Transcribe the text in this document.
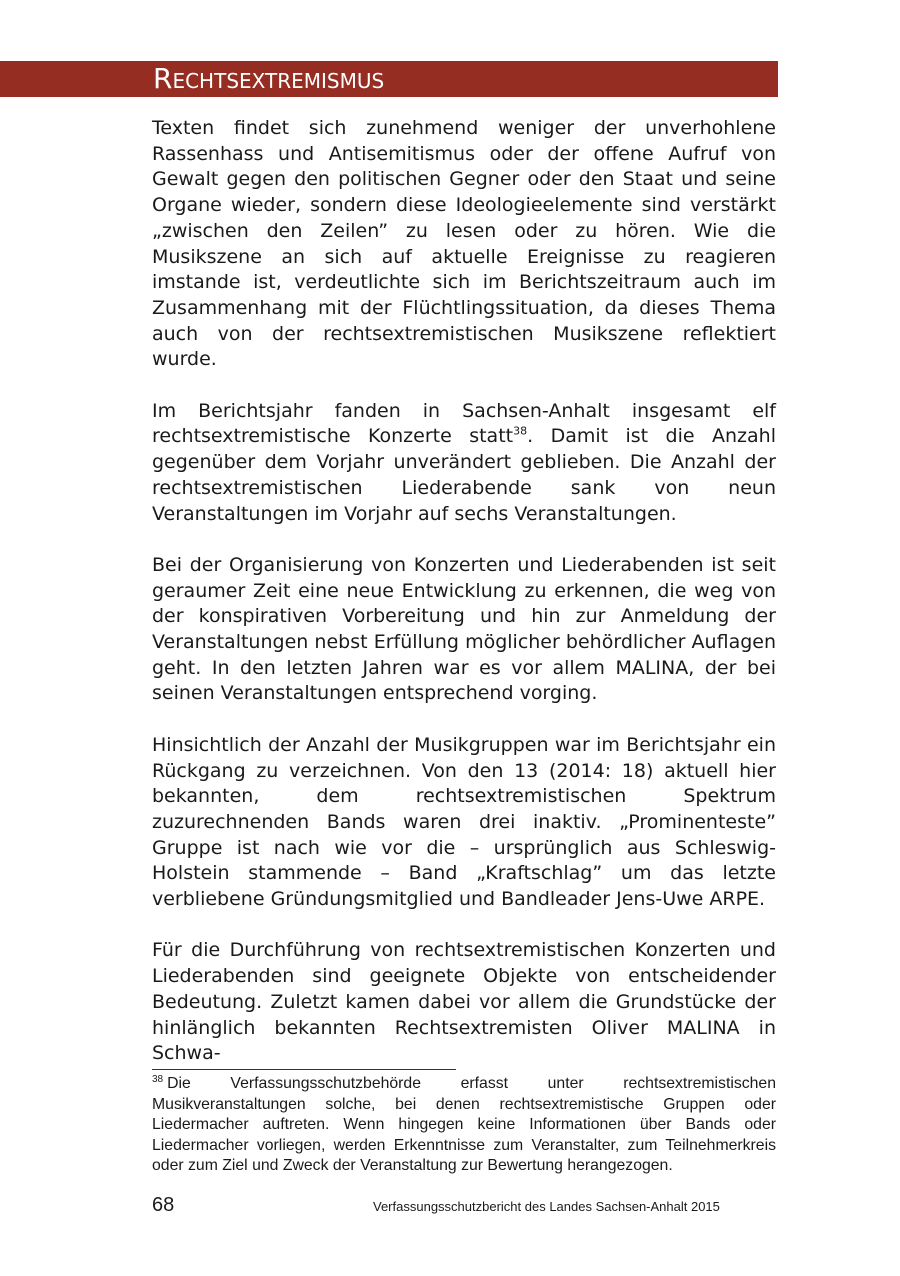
Rechtsextremismus

Texten findet sich zunehmend weniger der unverhohlene Rassenhass und Antisemitismus oder der offene Aufruf von Gewalt gegen den politischen Gegner oder den Staat und seine Organe wieder, sondern diese Ideologieelemente sind verstärkt „zwischen den Zeilen” zu lesen oder zu hören. Wie die Musikszene an sich auf aktuelle Ereignisse zu reagieren imstande ist, verdeutlichte sich im Berichtszeitraum auch im Zusammenhang mit der Flüchtlingssituation, da dieses Thema auch von der rechtsextremistischen Musikszene reflektiert wurde.

Im Berichtsjahr fanden in Sachsen-Anhalt insgesamt elf rechtsextremistische Konzerte statt$^{38}$. Damit ist die Anzahl gegenüber dem Vorjahr unverändert geblieben. Die Anzahl der rechtsextremistischen Liederabende sank von neun Veranstaltungen im Vorjahr auf sechs Veranstaltungen.

Bei der Organisierung von Konzerten und Liederabenden ist seit geraumer Zeit eine neue Entwicklung zu erkennen, die weg von der konspirativen Vorbereitung und hin zur Anmeldung der Veranstaltungen nebst Erfüllung möglicher behördlicher Auflagen geht. In den letzten Jahren war es vor allem MALINA, der bei seinen Veranstaltungen entsprechend vorging.

Hinsichtlich der Anzahl der Musikgruppen war im Berichtsjahr ein Rückgang zu verzeichnen. Von den 13 (2014: 18) aktuell hier bekannten, dem rechtsextremistischen Spektrum zuzurechnenden Bands waren drei inaktiv. „Prominenteste” Gruppe ist nach wie vor die – ursprünglich aus Schleswig-Holstein stammende – Band „Kraftschlag” um das letzte verbliebene Gründungsmitglied und Bandleader Jens-Uwe ARPE.

Für die Durchführung von rechtsextremistischen Konzerten und Liederabenden sind geeignete Objekte von entscheidender Bedeutung. Zuletzt kamen dabei vor allem die Grundstücke der hinlänglich bekannten Rechtsextremisten Oliver MALINA in Schwa-

$^{38}$ Die Verfassungsschutzbehörde erfasst unter rechtsextremistischen Musikveranstaltungen solche, bei denen rechtsextremistische Gruppen oder Liedermacher auftreten. Wenn hingegen keine Informationen über Bands oder Liedermacher vorliegen, werden Erkenntnisse zum Veranstalter, zum Teilnehmerkreis oder zum Ziel und Zweck der Veranstaltung zur Bewertung herangezogen.
68	Verfassungsschutzbericht des Landes Sachsen-Anhalt 2015
